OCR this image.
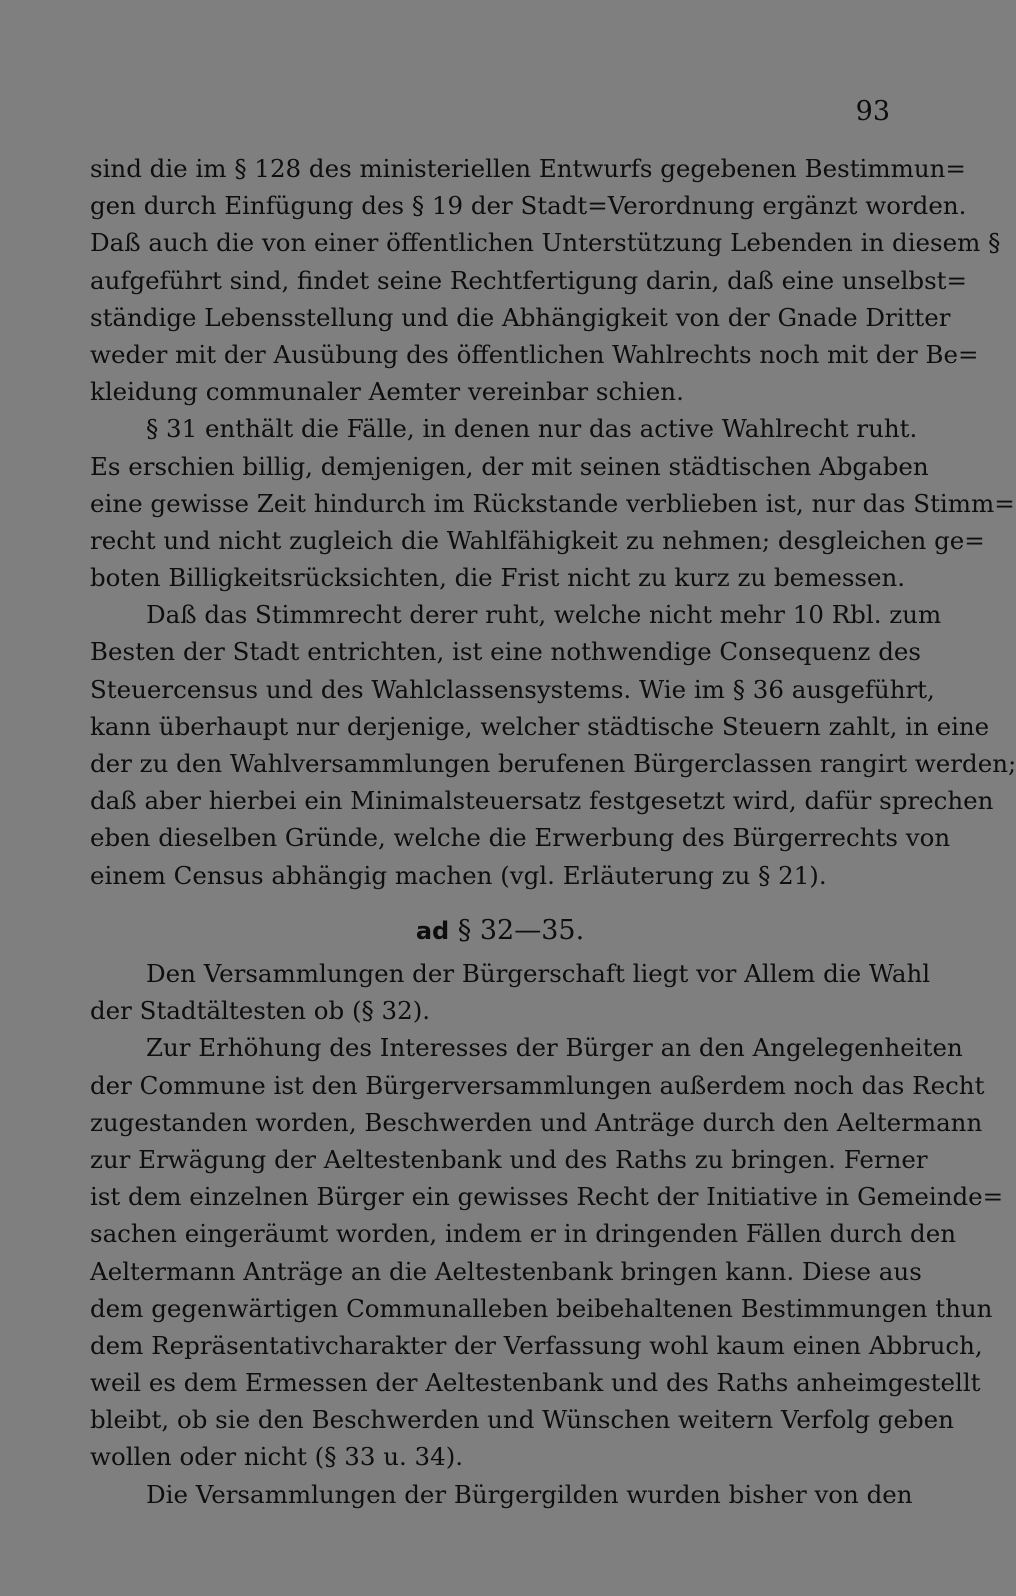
93
sind die im § 128 des ministeriellen Entwurfs gegebenen Bestimmun=
gen durch Einfügung des § 19 der Stadt=Verordnung ergänzt worden.
Daß auch die von einer öffentlichen Unterstützung Lebenden in diesem §
aufgeführt sind, findet seine Rechtfertigung darin, daß eine unselbst=
ständige Lebensstellung und die Abhängigkeit von der Gnade Dritter
weder mit der Ausübung des öffentlichen Wahlrechts noch mit der Be=
kleidung communaler Aemter vereinbar schien.
§ 31 enthält die Fälle, in denen nur das active Wahlrecht ruht.
Es erschien billig, demjenigen, der mit seinen städtischen Abgaben
eine gewisse Zeit hindurch im Rückstande verblieben ist, nur das Stimm=
recht und nicht zugleich die Wahlfähigkeit zu nehmen; desgleichen ge=
boten Billigkeitsrücksichten, die Frist nicht zu kurz zu bemessen.
Daß das Stimmrecht derer ruht, welche nicht mehr 10 Rbl. zum
Besten der Stadt entrichten, ist eine nothwendige Consequenz des
Steuercensus und des Wahlclassensystems. Wie im § 36 ausgeführt,
kann überhaupt nur derjenige, welcher städtische Steuern zahlt, in eine
der zu den Wahlversammlungen berufenen Bürgerclassen rangirt werden;
daß aber hierbei ein Minimalsteuersatz festgesetzt wird, dafür sprechen
eben dieselben Gründe, welche die Erwerbung des Bürgerrechts von
einem Census abhängig machen (vgl. Erläuterung zu § 21).
ad § 32—35.
Den Versammlungen der Bürgerschaft liegt vor Allem die Wahl
der Stadtältesten ob (§ 32).
Zur Erhöhung des Interesses der Bürger an den Angelegenheiten
der Commune ist den Bürgerversammlungen außerdem noch das Recht
zugestanden worden, Beschwerden und Anträge durch den Aeltermann
zur Erwägung der Aeltestenbank und des Raths zu bringen. Ferner
ist dem einzelnen Bürger ein gewisses Recht der Initiative in Gemeinde=
sachen eingeräumt worden, indem er in dringenden Fällen durch den
Aeltermann Anträge an die Aeltestenbank bringen kann. Diese aus
dem gegenwärtigen Communalleben beibehaltenen Bestimmungen thun
dem Repräsentativcharakter der Verfassung wohl kaum einen Abbruch,
weil es dem Ermessen der Aeltestenbank und des Raths anheimgestellt
bleibt, ob sie den Beschwerden und Wünschen weitern Verfolg geben
wollen oder nicht (§ 33 u. 34).
Die Versammlungen der Bürgergilden wurden bisher von den
